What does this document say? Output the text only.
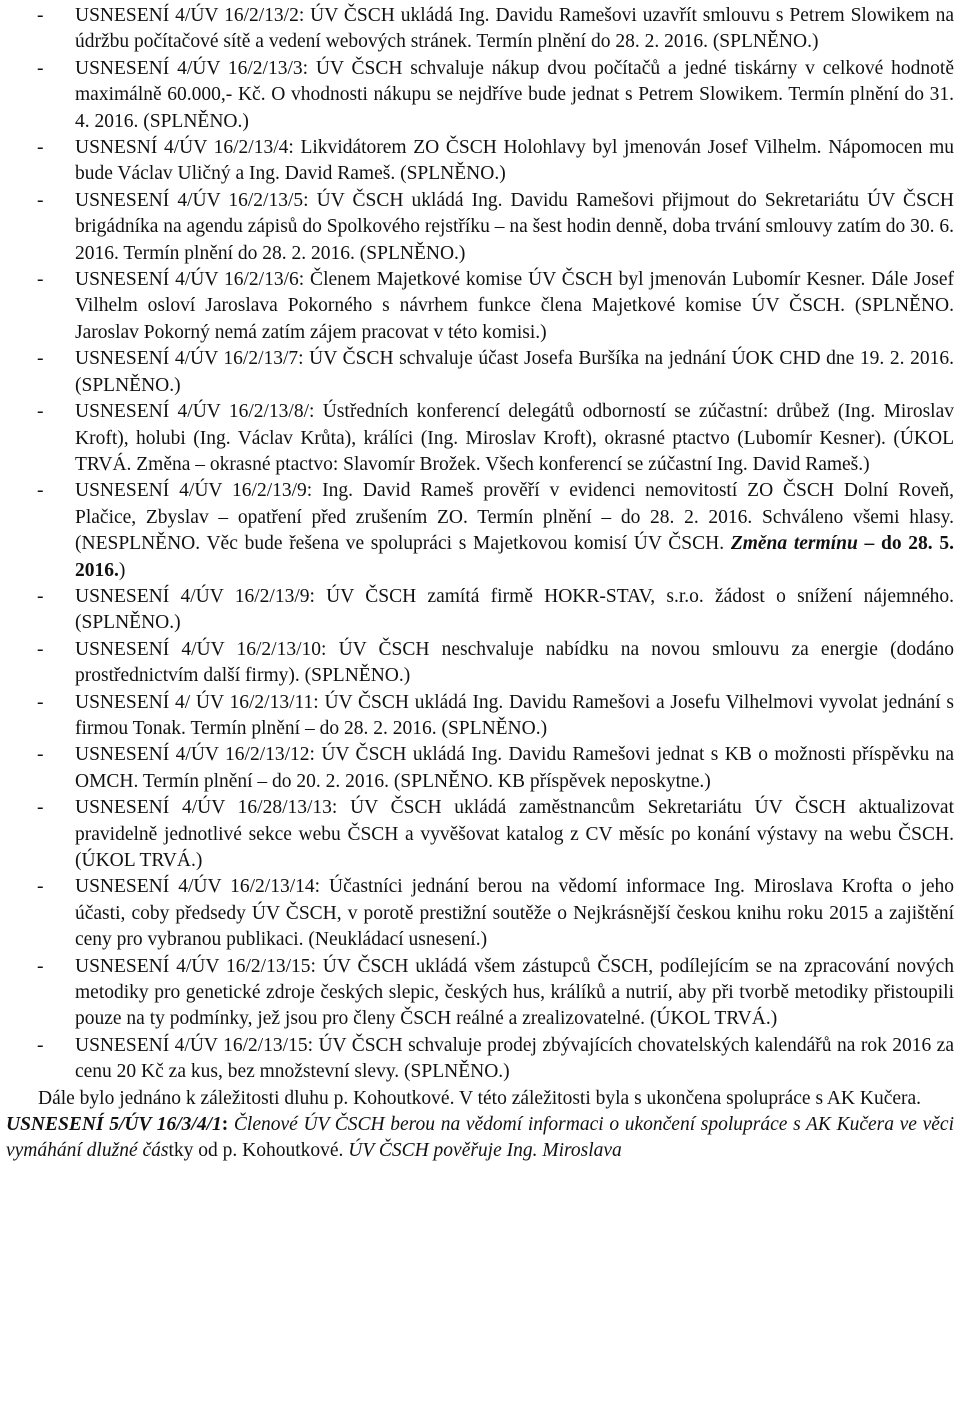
- USNESENÍ 4/ÚV 16/2/13/2: ÚV ČSCH ukládá Ing. Davidu Ramešovi uzavřít smlouvu s Petrem Slowikem na údržbu počítačové sítě a vedení webových stránek. Termín plnění do 28. 2. 2016. (SPLNĚNO.)
- USNESENÍ 4/ÚV 16/2/13/3: ÚV ČSCH schvaluje nákup dvou počítačů a jedné tiskárny v celkové hodnotě maximálně 60.000,- Kč. O vhodnosti nákupu se nejdříve bude jednat s Petrem Slowikem. Termín plnění do 31. 4. 2016. (SPLNĚNO.)
- USNESNÍ 4/ÚV 16/2/13/4: Likvidátorem ZO ČSCH Holohlavy byl jmenován Josef Vilhelm. Nápomocen mu bude Václav Uličný a Ing. David Rameš. (SPLNĚNO.)
- USNESENÍ 4/ÚV 16/2/13/5: ÚV ČSCH ukládá Ing. Davidu Ramešovi přijmout do Sekretariátu ÚV ČSCH brigádníka na agendu zápisů do Spolkového rejstříku – na šest hodin denně, doba trvání smlouvy zatím do 30. 6. 2016. Termín plnění do 28. 2. 2016. (SPLNĚNO.)
- USNESENÍ 4/ÚV 16/2/13/6: Členem Majetkové komise ÚV ČSCH byl jmenován Lubomír Kesner. Dále Josef Vilhelm osloví Jaroslava Pokorného s návrhem funkce člena Majetkové komise ÚV ČSCH. (SPLNĚNO. Jaroslav Pokorný nemá zatím zájem pracovat v této komisi.)
- USNESENÍ 4/ÚV 16/2/13/7: ÚV ČSCH schvaluje účast Josefa Buršíka na jednání ÚOK CHD dne 19. 2. 2016. (SPLNĚNO.)
- USNESENÍ 4/ÚV 16/2/13/8/: Ústředních konferencí delegátů odborností se zúčastní: drůbež (Ing. Miroslav Kroft), holubi (Ing. Václav Krůta), králíci (Ing. Miroslav Kroft), okrasné ptactvo (Lubomír Kesner). (ÚKOL TRVÁ. Změna – okrasné ptactvo: Slavomír Brožek. Všech konferencí se zúčastní Ing. David Rameš.)
- USNESENÍ 4/ÚV 16/2/13/9: Ing. David Rameš prověří v evidenci nemovitostí ZO ČSCH Dolní Roveň, Plačice, Zbyslav – opatření před zrušením ZO. Termín plnění – do 28. 2. 2016. Schváleno všemi hlasy. (NESPLNĚNO. Věc bude řešena ve spolupráci s Majetkovou komisí ÚV ČSCH. Změna termínu – do 28. 5. 2016.)
- USNESENÍ 4/ÚV 16/2/13/9: ÚV ČSCH zamítá firmě HOKR-STAV, s.r.o. žádost o snížení nájemného. (SPLNĚNO.)
- USNESENÍ 4/ÚV 16/2/13/10: ÚV ČSCH neschvaluje nabídku na novou smlouvu za energie (dodáno prostřednictvím další firmy). (SPLNĚNO.)
- USNESENÍ 4/ ÚV 16/2/13/11: ÚV ČSCH ukládá Ing. Davidu Ramešovi a Josefu Vilhelmovi vyvolat jednání s firmou Tonak. Termín plnění – do 28. 2. 2016. (SPLNĚNO.)
- USNESENÍ 4/ÚV 16/2/13/12: ÚV ČSCH ukládá Ing. Davidu Ramešovi jednat s KB o možnosti příspěvku na OMCH. Termín plnění – do 20. 2. 2016. (SPLNĚNO. KB příspěvek neposkytne.)
- USNESENÍ 4/ÚV 16/28/13/13: ÚV ČSCH ukládá zaměstnancům Sekretariátu ÚV ČSCH aktualizovat pravidelně jednotlivé sekce webu ČSCH a vyvěšovat katalog z CV měsíc po konání výstavy na webu ČSCH. (ÚKOL TRVÁ.)
- USNESENÍ 4/ÚV 16/2/13/14: Účastníci jednání berou na vědomí informace Ing. Miroslava Krofta o jeho účasti, coby předsedy ÚV ČSCH, v porotě prestižní soutěže o Nejkrásnější českou knihu roku 2015 a zajištění ceny pro vybranou publikaci. (Neukládací usnesení.)
- USNESENÍ 4/ÚV 16/2/13/15: ÚV ČSCH ukládá všem zástupců ČSCH, podílejícím se na zpracování nových metodiky pro genetické zdroje českých slepic, českých hus, králíků a nutrií, aby při tvorbě metodiky přistoupili pouze na ty podmínky, jež jsou pro členy ČSCH reálné a zrealizovatelné. (ÚKOL TRVÁ.)
- USNESENÍ 4/ÚV 16/2/13/15: ÚV ČSCH schvaluje prodej zbývajících chovatelských kalendářů na rok 2016 za cenu 20 Kč za kus, bez množstevní slevy. (SPLNĚNO.)
Dále bylo jednáno k záležitosti dluhu p. Kohoutkové. V této záležitosti byla s ukončena spolupráce s AK Kučera.
USNESENÍ 5/ÚV 16/3/4/1: Členové ÚV ČSCH berou na vědomí informaci o ukončení spolupráce s AK Kučera ve věci vymáhání dlužné částky od p. Kohoutkové. ÚV ČSCH pověřuje Ing. Miroslava
